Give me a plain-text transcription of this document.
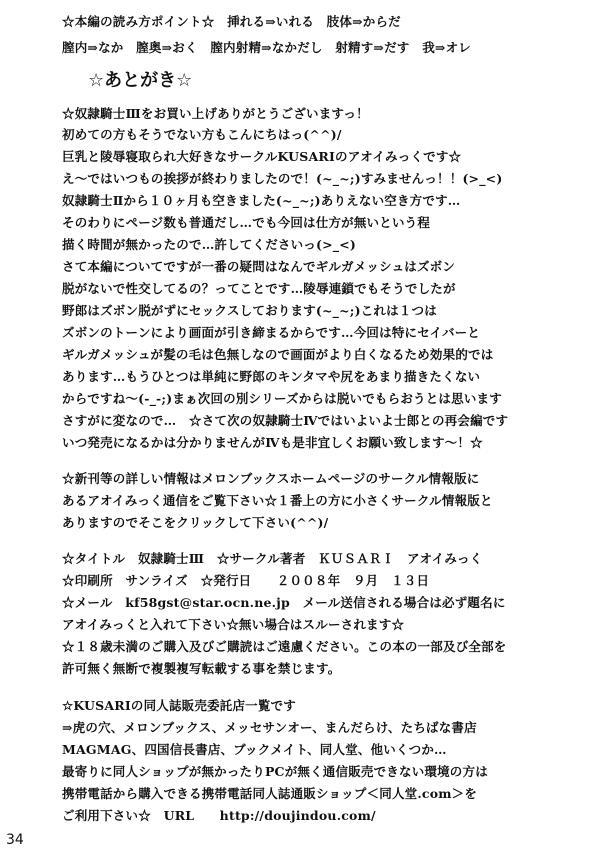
☆本編の読み方ポイント☆　挿れる⇒いれる　肢体⇒からだ
膣内⇒なか　膣奥⇒おく　膣内射精⇒なかだし　射精す⇒だす　我⇒オレ
☆あとがき☆
☆奴隷騎士Ⅲをお買い上げありがとうございますっ！
初めての方もそうでない方もこんにちはっ(^^)/
巨乳と陵辱寝取られ大好きなサークルKUSARIのアオイみっくです☆
え～ではいつもの挨拶が終わりましたので！(~_~;)すみませんっ！！(>_<)
奴隷騎士Ⅱから１０ヶ月も空きました(~_~;)ありえない空き方です…
そのわりにページ数も普通だし…でも今回は仕方が無いという程
描く時間が無かったので…許してくださいっ(>_<)
さて本編についてですが一番の疑問はなんでギルガメッシュはズボン
脱がないで性交してるの？ってことです…陵辱連鎖でもそうでしたが
野郎はズボン脱がずにセックスしております(~_~;)これは１つは
ズボンのトーンにより画面が引き締まるからです…今回は特にセイバーと
ギルガメッシュが髪の毛は色無しなので画面がより白くなるため効果的では
あります…もうひとつは単純に野郎のキンタマや尻をあまり描きたくない
からですね～(-_-;)まぁ次回の別シリーズからは脱いでもらおうとは思います
さすがに変なので…　☆さて次の奴隷騎士Ⅳではいよいよ士郎との再会編です
いつ発売になるかは分かりませんがⅣも是非宜しくお願い致します～！☆
☆新刊等の詳しい情報はメロンブックスホームページのサークル情報版に
あるアオイみっく通信をご覧下さい☆１番上の方に小さくサークル情報版と
ありますのでそこをクリックして下さい(^^)/
☆タイトル　奴隷騎士Ⅲ　☆サークル著者　ＫＵＳＡＲＩ　アオイみっく
☆印刷所　サンライズ　☆発行日　　２００８年　９月　１３日
☆メール　kf58gst@star.ocn.ne.jp　メール送信される場合は必ず題名に
アオイみっくと入れて下さい☆無い場合はスルーされます☆
☆１８歳未満のご購入及びご購読はご遠慮ください。この本の一部及び全部を
許可無く無断で複製複写転載する事を禁じます。
☆KUSARIの同人誌販売委託店一覧です
⇒虎の穴、メロンブックス、メッセサンオー、まんだらけ、たちばな書店
MAGMAG、四国信長書店、ブックメイト、同人堂、他いくつか…
最寄りに同人ショップが無かったりPCが無く通信販売できない環境の方は
携帯電話から購入できる携帯電話同人誌通販ショップ＜同人堂.com＞を
ご利用下さい☆　URL　　http://doujindou.com/
34
